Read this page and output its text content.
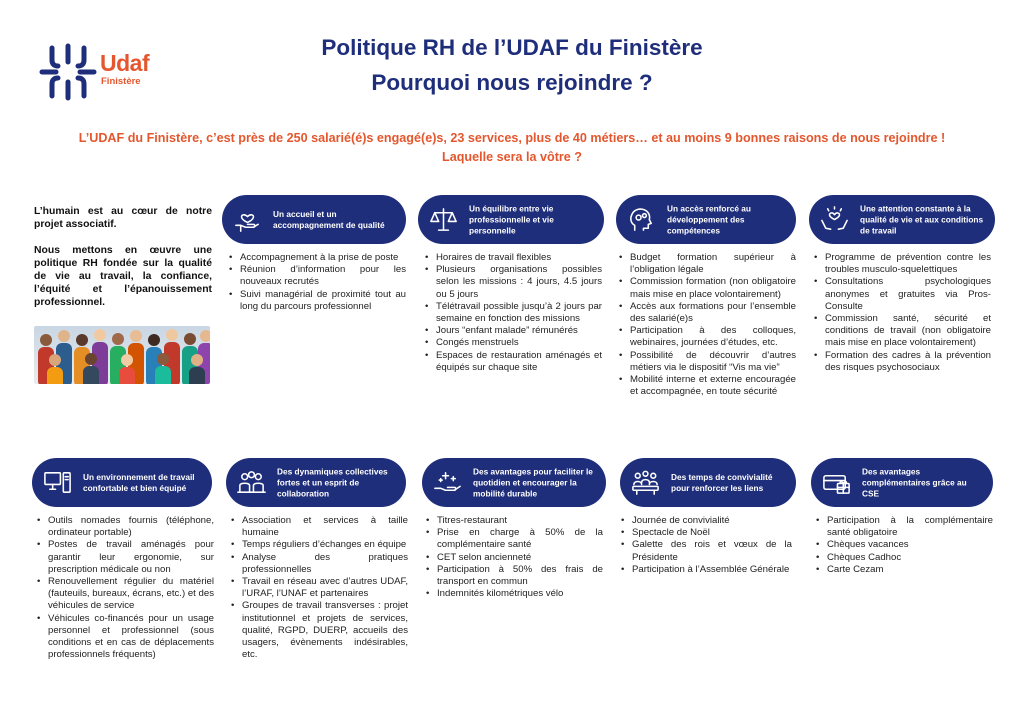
Udaf
Finistère
Politique RH de l’UDAF du Finistère
Pourquoi nous rejoindre ?
L’UDAF du Finistère, c’est près de 250 salarié(é)s engagé(e)s, 23 services, plus de 40 métiers… et au moins 9 bonnes raisons de nous rejoindre !
Laquelle sera la vôtre ?

L’humain est au cœur de notre projet associatif.

Nous mettons en œuvre une politique RH fondée sur la qualité de vie au travail, la confiance, l’équité et l’épanouissement professionnel.

Un accueil et un accompagnement de qualité
Un équilibre entre vie professionnelle et vie personnelle
Un accès renforcé au développement des compétences
Une attention constante à la qualité de vie et aux conditions de travail
• Accompagnement à la prise de poste
• Réunion d’information pour les nouveaux recrutés
• Suivi managérial de proximité tout au long du parcours professionnel
• Horaires de travail flexibles
• Plusieurs organisations possibles selon les missions : 4 jours, 4.5 jours ou 5 jours
• Télétravail possible jusqu’à 2 jours par semaine en fonction des missions
• Jours “enfant malade” rémunérés
• Congés menstruels
• Espaces de restauration aménagés et équipés sur chaque site
• Budget formation supérieur à l’obligation légale
• Commission formation (non obligatoire mais mise en place volontairement)
• Accès aux formations pour l’ensemble des salarié(e)s
• Participation à des colloques, webinaires, journées d’études, etc.
• Possibilité de découvrir d’autres métiers via le dispositif “Vis ma vie”
• Mobilité interne et externe encouragée et accompagnée, en toute sécurité
• Programme de prévention contre les troubles musculo-squelettiques
• Consultations psychologiques anonymes et gratuites via Pros-Consulte
• Commission santé, sécurité et conditions de travail (non obligatoire mais mise en place volontairement)
• Formation des cadres à la prévention des risques psychosociaux
Un environnement de travail confortable et bien équipé
Des dynamiques collectives fortes et un esprit de collaboration
Des avantages pour faciliter le quotidien et encourager la mobilité durable
Des temps de convivialité pour renforcer les liens
Des avantages complémentaires grâce au CSE
• Outils nomades fournis (téléphone, ordinateur portable)
• Postes de travail aménagés pour garantir leur ergonomie, sur prescription médicale ou non
• Renouvellement régulier du matériel (fauteuils, bureaux, écrans, etc.) et des véhicules de service
• Véhicules co-financés pour un usage personnel et professionnel (sous conditions et en cas de déplacements professionnels fréquents)
• Association et services à taille humaine
• Temps réguliers d’échanges en équipe
• Analyse des pratiques professionnelles
• Travail en réseau avec d’autres UDAF, l’URAF, l’UNAF et partenaires
• Groupes de travail transverses : projet institutionnel et projets de services, qualité, RGPD, DUERP, accueils des usagers, évènements indésirables, etc.
• Titres-restaurant
• Prise en charge à 50% de la complémentaire santé
• CET selon ancienneté
• Participation à 50% des frais de transport en commun
• Indemnités kilométriques vélo
• Journée de convivialité
• Spectacle de Noël
• Galette des rois et vœux de la Présidente
• Participation à l’Assemblée Générale
• Participation à la complémentaire santé obligatoire
• Chèques vacances
• Chèques Cadhoc
• Carte Cezam
